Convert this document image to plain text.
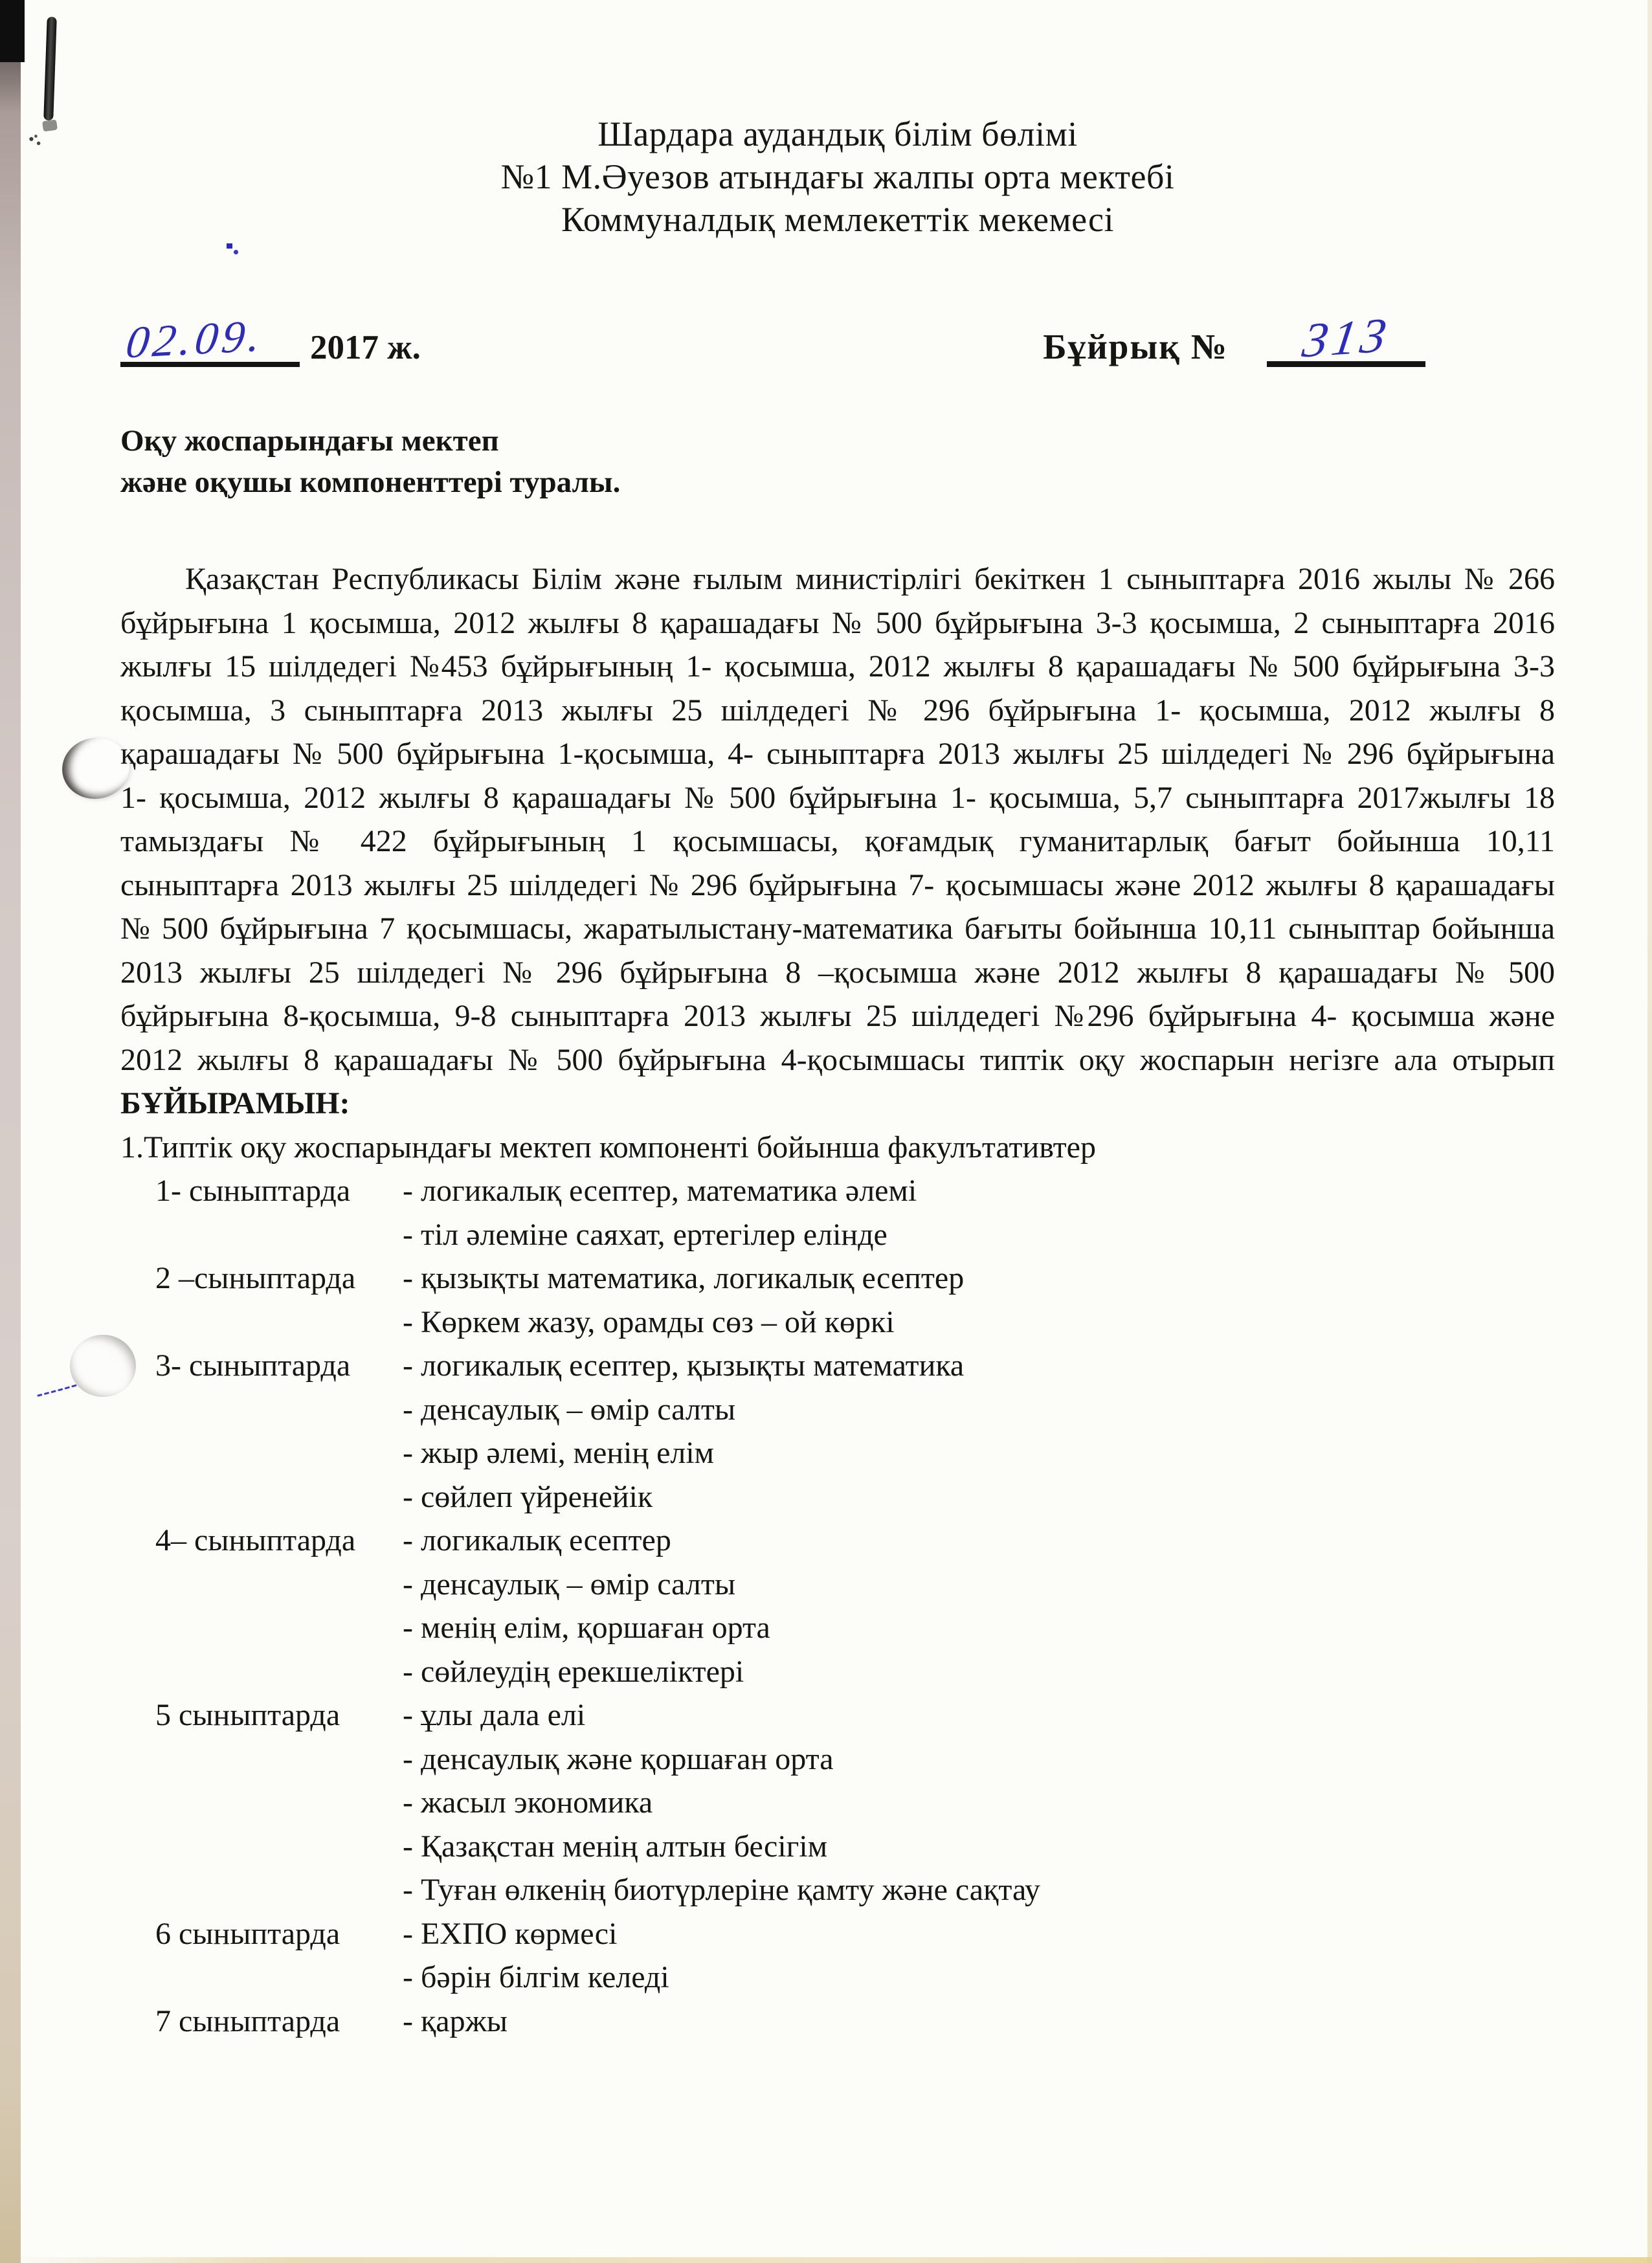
Шардара аудандық білім бөлімі
№1 М.Әуезов атындағы жалпы орта мектебі
Коммуналдық мемлекеттік мекемесі
02.09.	2017 ж.	Бұйрық №	313
Оқу жоспарындағы мектеп
және оқушы компоненттері туралы.

Қазақстан Республикасы Білім және ғылым министірлігі бекіткен 1 сыныптарға 2016 жылы № 266 бұйрығына 1 қосымша, 2012 жылғы 8 қарашадағы № 500 бұйрығына 3-3 қосымша, 2 сыныптарға 2016 жылғы 15 шілдедегі №453 бұйрығының 1- қосымша, 2012 жылғы 8 қарашадағы № 500 бұйрығына 3-3 қосымша, 3 сыныптарға 2013 жылғы 25 шілдедегі № 296 бұйрығына 1- қосымша, 2012 жылғы 8 қарашадағы № 500 бұйрығына 1-қосымша, 4- сыныптарға 2013 жылғы 25 шілдедегі № 296 бұйрығына 1- қосымша, 2012 жылғы 8 қарашадағы № 500 бұйрығына 1- қосымша, 5,7 сыныптарға 2017жылғы 18 тамыздағы № 422 бұйрығының 1 қосымшасы, қоғамдық гуманитарлық бағыт бойынша 10,11 сыныптарға 2013 жылғы 25 шілдедегі № 296 бұйрығына 7- қосымшасы және 2012 жылғы 8 қарашадағы № 500 бұйрығына 7 қосымшасы, жаратылыстану-математика бағыты бойынша 10,11 сыныптар бойынша 2013 жылғы 25 шілдедегі № 296 бұйрығына 8 –қосымша және 2012 жылғы 8 қарашадағы № 500 бұйрығына 8-қосымша, 9-8 сыныптарға 2013 жылғы 25 шілдедегі №296 бұйрығына 4- қосымша және 2012 жылғы 8 қарашадағы № 500 бұйрығына 4-қосымшасы типтік оқу жоспарын негізге ала отырып БҰЙЫРАМЫН:

1.Типтік оқу жоспарындағы мектеп компоненті бойынша факулътативтер
1- сыныптарда	- логикалық есептер, математика әлемі
- тіл әлеміне саяхат, ертегілер елінде
2 –сыныптарда	- қызықты математика, логикалық есептер
- Көркем жазу, орамды сөз – ой көркі
3- сыныптарда	- логикалық есептер, қызықты математика
- денсаулық – өмір салты
- жыр әлемі, менің елім
- сөйлеп үйренейік
4– сыныптарда	- логикалық есептер
- денсаулық – өмір салты
- менің елім, қоршаған орта
- сөйлеудің ерекшеліктері
5 сыныптарда	- ұлы дала елі
- денсаулық және қоршаған орта
- жасыл экономика
- Қазақстан менің алтын бесігім
- Туған өлкенің биотүрлеріне қамту және сақтау
6 сыныптарда	- ЕХПО көрмесі
- бәрін білгім келеді
7 сыныптарда	- қаржы
